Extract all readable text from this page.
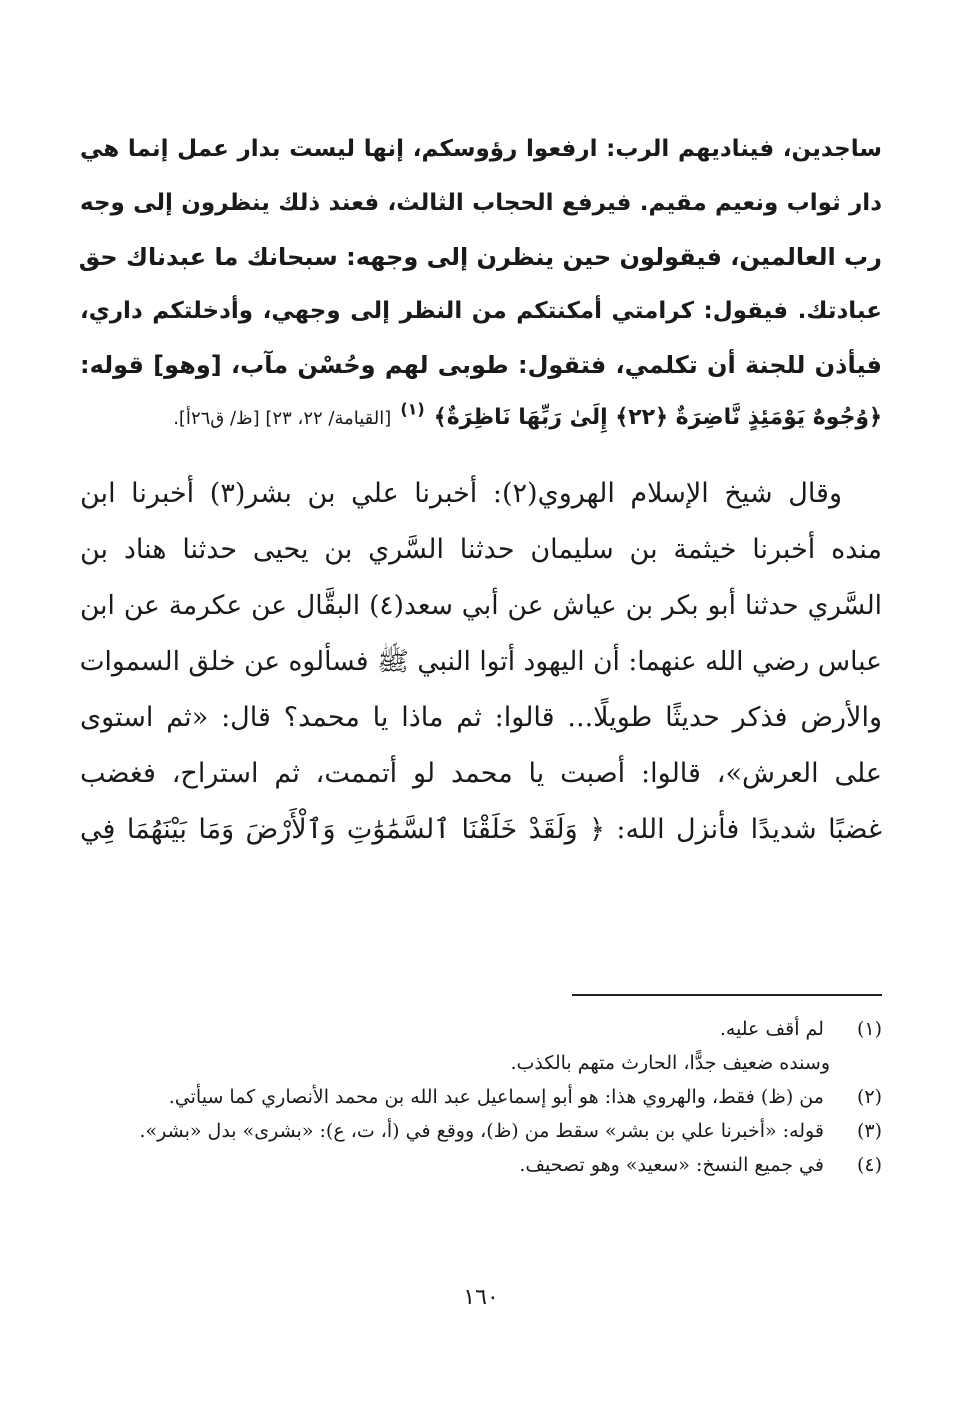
ساجدين، فيناديهم الرب: ارفعوا رؤوسكم، إنها ليست بدار عمل إنما هي
دار ثواب ونعيم مقيم. فيرفع الحجاب الثالث، فعند ذلك ينظرون إلى وجه
رب العالمين، فيقولون حين ينظرن إلى وجهه: سبحانك ما عبدناك حق
عبادتك. فيقول: كرامتي أمكنتكم من النظر إلى وجهي، وأدخلتكم داري،
فيأذن للجنة أن تكلمي، فتقول: طوبى لهم وحُسْن مآب، [وهو] قوله:
﴿وُجُوهٌ يَوْمَئِذٍ نَّاضِرَةٌ ﴿٢٢﴾ إِلَىٰ رَبِّهَا نَاظِرَةٌ﴾ $^{(١)}$ [القيامة/ ٢٢، ٢٣] [ظ/ ق٢٦أ].
وقال شيخ الإسلام الهروي(٢): أخبرنا علي بن بشر(٣) أخبرنا ابن
منده أخبرنا خيثمة بن سليمان حدثنا السَّري بن يحيى حدثنا هناد بن
السَّري حدثنا أبو بكر بن عياش عن أبي سعد(٤) البقَّال عن عكرمة عن ابن
عباس رضي الله عنهما: أن اليهود أتوا النبي ﷺ فسألوه عن خلق السموات
والأرض فذكر حديثًا طويلًا... قالوا: ثم ماذا يا محمد؟ قال: «ثم استوى
على العرش»، قالوا: أصبت يا محمد لو أتممت، ثم استراح، فغضب
غضبًا شديدًا فأنزل الله: ﴿ وَلَقَدْ خَلَقْنَا ٱلسَّمَٰوَٰتِ وَٱلْأَرْضَ وَمَا بَيْنَهُمَا فِي
(١) لم أقف عليه.
وسنده ضعيف جدًّا، الحارث متهم بالكذب.
(٢) من (ظ) فقط، والهروي هذا: هو أبو إسماعيل عبد الله بن محمد الأنصاري كما سيأتي.
(٣) قوله: «أخبرنا علي بن بشر» سقط من (ظ)، ووقع في (أ، ت، ع): «بشرى» بدل «بشر».
(٤) في جميع النسخ: «سعيد» وهو تصحيف.
١٦٠
